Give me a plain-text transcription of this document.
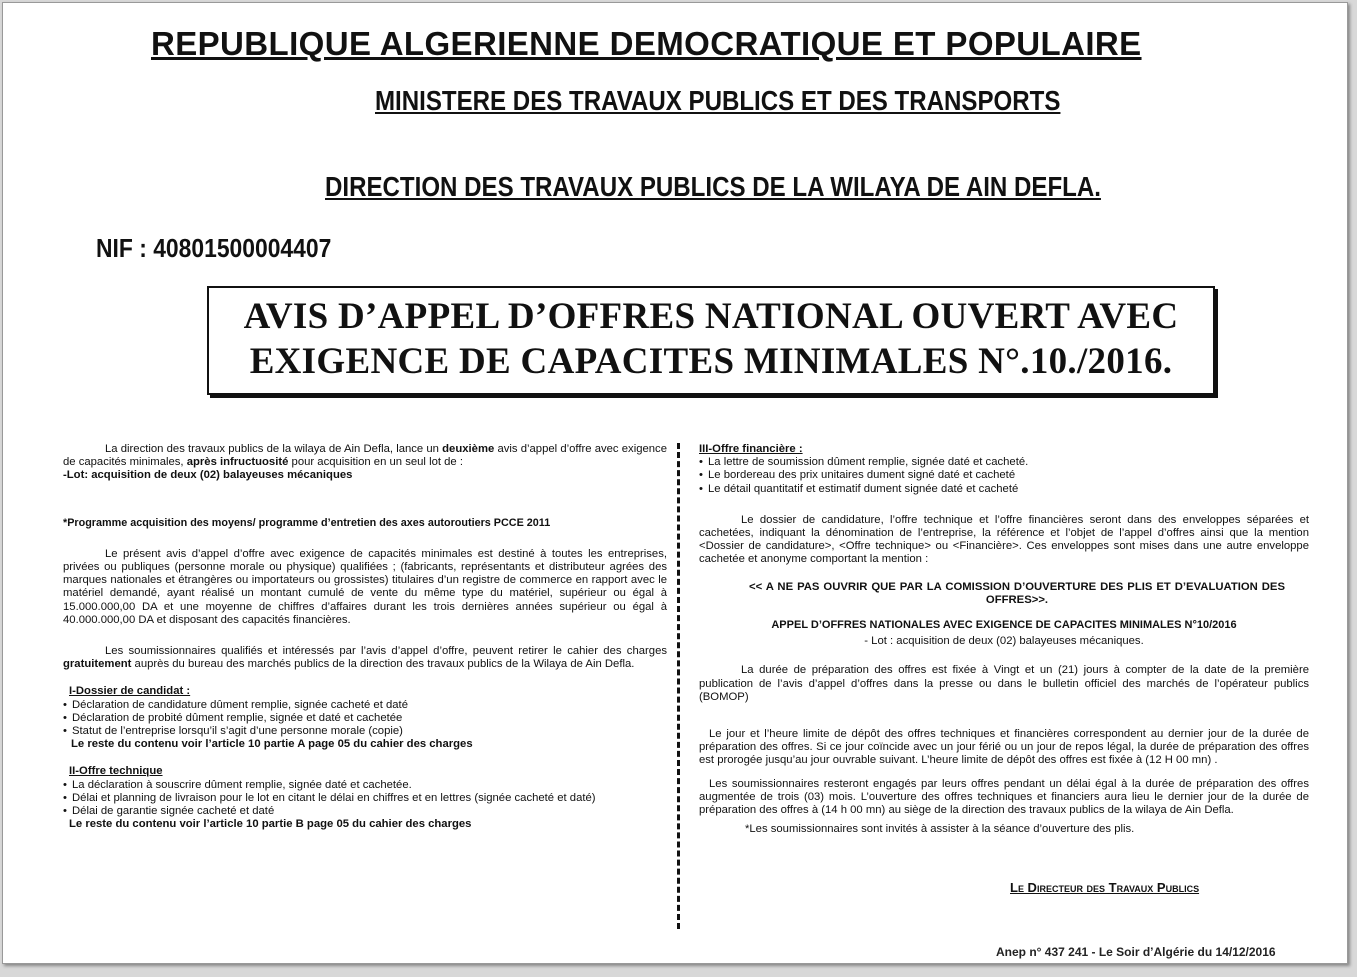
REPUBLIQUE ALGERIENNE DEMOCRATIQUE ET POPULAIRE
MINISTERE DES TRAVAUX PUBLICS ET DES TRANSPORTS
DIRECTION DES TRAVAUX PUBLICS DE LA WILAYA DE AIN DEFLA.
NIF : 40801500004407
AVIS D’APPEL D’OFFRES NATIONAL OUVERT AVEC
EXIGENCE DE CAPACITES MINIMALES N°.10./2016.

La direction des travaux publics de la wilaya de Ain Defla, lance un deuxième avis d’appel d’offre avec exigence de capacités minimales, après infructuosité pour acquisition en un seul lot de :

-Lot: acquisition de deux (02) balayeuses mécaniques

*Programme acquisition des moyens/ programme d’entretien des axes autoroutiers PCCE 2011

Le présent avis d’appel d’offre avec exigence de capacités minimales est destiné à toutes les entreprises, privées ou publiques (personne morale ou physique) qualifiées ; (fabricants, représentants et distributeur agrées des marques nationales et étrangères ou importateurs ou grossistes) titulaires d’un registre de commerce en rapport avec le matériel demandé, ayant réalisé un montant cumulé de vente du même type du matériel, supérieur ou égal à 15.000.000,00 DA et une moyenne de chiffres d’affaires durant les trois dernières années supérieur ou égal à 40.000.000,00 DA et disposant des capacités financières.

Les soumissionnaires qualifiés et intéressés par l’avis d’appel d’offre, peuvent retirer le cahier des charges gratuitement auprès du bureau des marchés publics de la direction des travaux publics de la Wilaya de Ain Defla.

I-Dossier de candidat :

• Déclaration de candidature dûment remplie, signée cacheté et daté
• Déclaration de probité dûment remplie, signée et daté et cachetée
• Statut de l’entreprise lorsqu’il s’agit d’une personne morale (copie)

Le reste du contenu voir l’article 10 partie A page 05 du cahier des charges

II-Offre technique

• La déclaration à souscrire dûment remplie, signée daté et cachetée.
• Délai et planning de livraison pour le lot en citant le délai en chiffres et en lettres (signée cacheté et daté)
• Délai de garantie signée cacheté et daté

Le reste du contenu voir l’article 10 partie B page 05 du cahier des charges

III-Offre financière :

• La lettre de soumission dûment remplie, signée daté et cacheté.
• Le bordereau des prix unitaires dument signé daté et cacheté
• Le détail quantitatif et estimatif dument signée daté et cacheté

Le dossier de candidature, l’offre technique et l’offre financières seront dans des enveloppes séparées et cachetées, indiquant la dénomination de l’entreprise, la référence et l’objet de l’appel d’offres ainsi que la mention <Dossier de candidature>, <Offre technique> ou <Financière>. Ces enveloppes sont mises dans une autre enveloppe cachetée et anonyme comportant la mention :

<< A NE PAS OUVRIR QUE PAR LA COMISSION D’OUVERTURE DES PLIS ET D’EVALUATION DES OFFRES>>.

APPEL D’OFFRES NATIONALES AVEC EXIGENCE DE CAPACITES MINIMALES N°10/2016

- Lot : acquisition de deux (02) balayeuses mécaniques.

La durée de préparation des offres est fixée à Vingt et un (21) jours à compter de la date de la première publication de l’avis d’appel d’offres dans la presse ou dans le bulletin officiel des marchés de l’opérateur publics (BOMOP)

Le jour et l’heure limite de dépôt des offres techniques et financières correspondent au dernier jour de la durée de préparation des offres. Si ce jour coïncide avec un jour férié ou un jour de repos légal, la durée de préparation des offres est prorogée jusqu’au jour ouvrable suivant. L’heure limite de dépôt des offres est fixée à (12 H 00 mn) .

Les soumissionnaires resteront engagés par leurs offres pendant un délai égal à la durée de préparation des offres augmentée de trois (03) mois. L’ouverture des offres techniques et financiers aura lieu le dernier jour de la durée de préparation des offres à (14 h 00 mn) au siège de la direction des travaux publics de la wilaya de Ain Defla.

*Les soumissionnaires sont invités à assister à la séance d’ouverture des plis.

Le Directeur des Travaux Publics
Anep n° 437 241 - Le Soir d’Algérie du 14/12/2016
